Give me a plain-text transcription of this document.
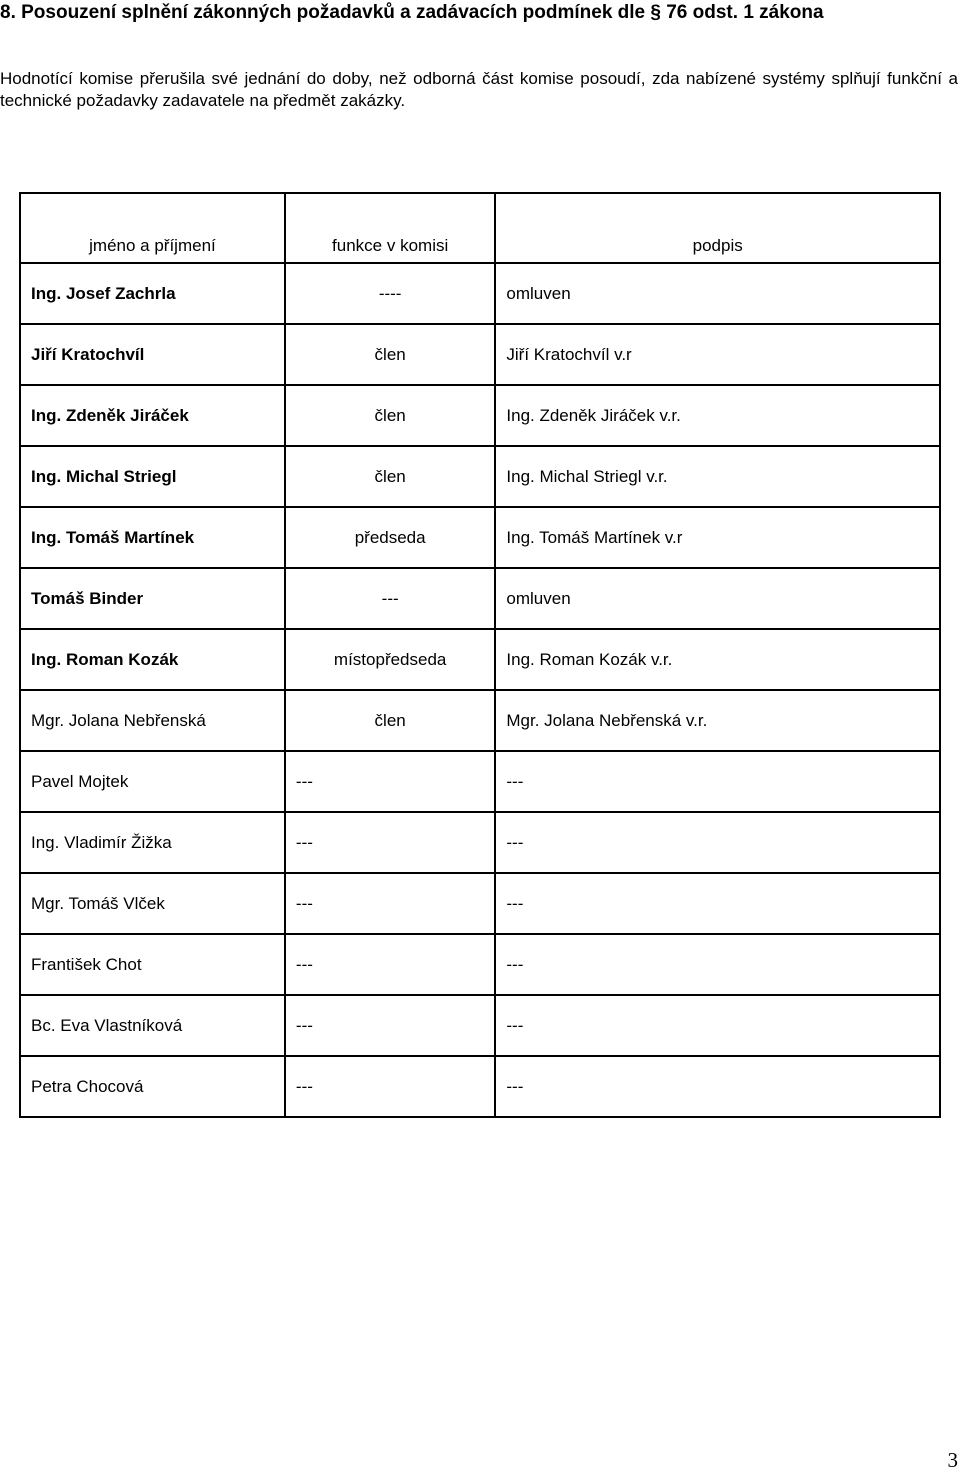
8. Posouzení splnění zákonných požadavků a zadávacích podmínek dle § 76 odst. 1 zákona
Hodnotící komise přerušila své jednání do doby, než odborná část komise posoudí, zda nabízené systémy splňují funkční a technické požadavky zadavatele na předmět zakázky.
jméno a příjmení	funkce v komisi	podpis
Ing. Josef Zachrla	----	omluven
Jiří Kratochvíl	člen	Jiří Kratochvíl v.r
Ing. Zdeněk Jiráček	člen	Ing. Zdeněk Jiráček v.r.
Ing. Michal Striegl	člen	Ing. Michal Striegl v.r.
Ing. Tomáš Martínek	předseda	Ing. Tomáš Martínek v.r
Tomáš Binder	---	omluven
Ing. Roman Kozák	místopředseda	Ing. Roman Kozák v.r.
Mgr. Jolana Nebřenská	člen	Mgr. Jolana Nebřenská v.r.
Pavel Mojtek	---	---
Ing. Vladimír Žižka	---	---
Mgr. Tomáš Vlček	---	---
František Chot	---	---
Bc. Eva Vlastníková	---	---
Petra Chocová	---	---
3
